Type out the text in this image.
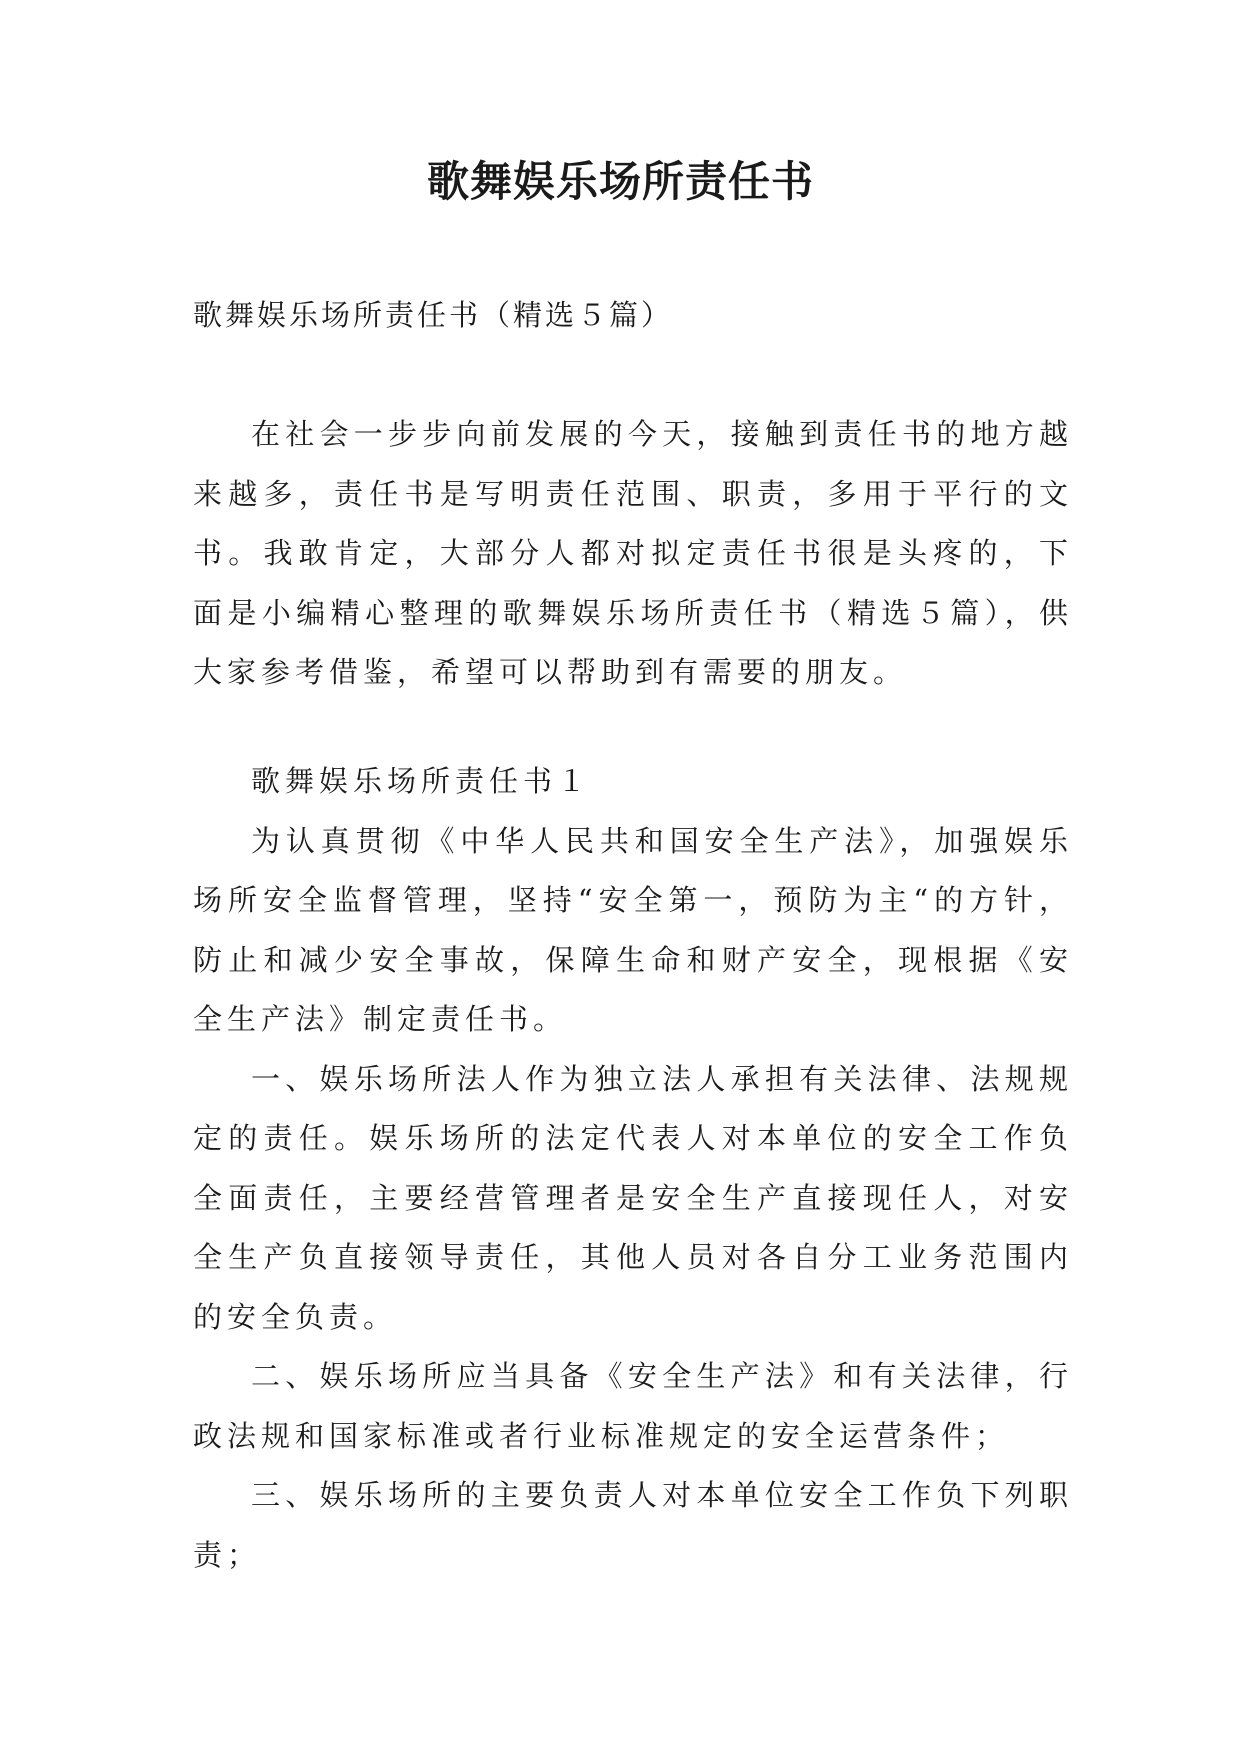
歌舞娱乐场所责任书
歌舞娱乐场所责任书（精选５篇）

在社会一步步向前发展的今天，接触到责任书的地方越来越多，责任书是写明责任范围、职责，多用于平行的文书。我敢肯定，大部分人都对拟定责任书很是头疼的，下面是小编精心整理的歌舞娱乐场所责任书（精选５篇），供大家参考借鉴，希望可以帮助到有需要的朋友。

歌舞娱乐场所责任书１

为认真贯彻《中华人民共和国安全生产法》，加强娱乐场所安全监督管理，坚持“安全第一，预防为主“的方针，防止和减少安全事故，保障生命和财产安全，现根据《安全生产法》制定责任书。

一、娱乐场所法人作为独立法人承担有关法律、法规规定的责任。娱乐场所的法定代表人对本单位的安全工作负全面责任，主要经营管理者是安全生产直接现任人，对安全生产负直接领导责任，其他人员对各自分工业务范围内的安全负责。

二、娱乐场所应当具备《安全生产法》和有关法律，行政法规和国家标准或者行业标准规定的安全运营条件；

三、娱乐场所的主要负责人对本单位安全工作负下列职责；
